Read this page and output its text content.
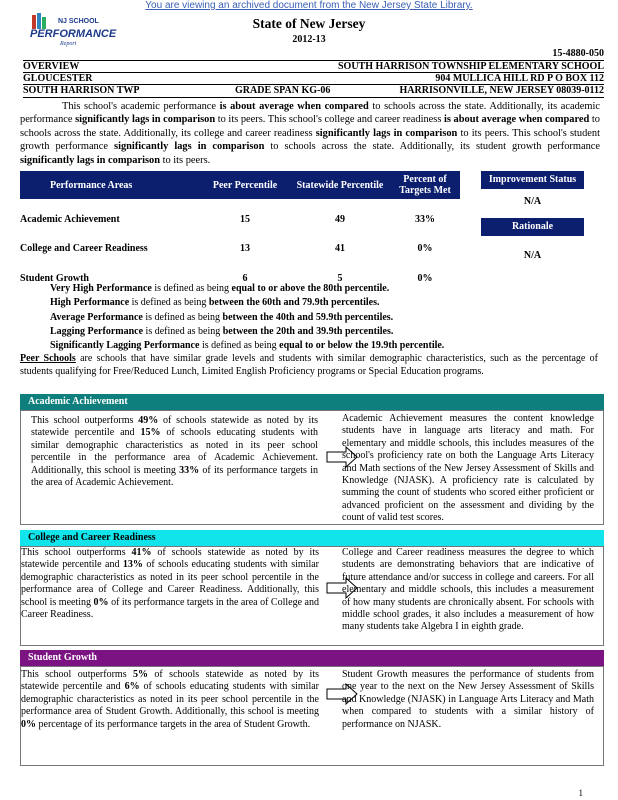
You are viewing an archived document from the New Jersey State Library.
NJ SCHOOL
PERFORMANCE
Report
State of New Jersey
2012-13
15-4880-050
OVERVIEW	SOUTH HARRISON TOWNSHIP ELEMENTARY SCHOOL
GLOUCESTER	904 MULLICA HILL RD P O BOX 112
SOUTH HARRISON TWP	GRADE SPAN KG-06	HARRISONVILLE, NEW JERSEY 08039-0112
This school's academic performance is about average when compared to schools across the state. Additionally, its academic performance significantly lags in comparison to its peers. This school's college and career readiness is about average when compared to schools across the state. Additionally, its college and career readiness significantly lags in comparison to its peers. This school's student growth performance significantly lags in comparison to schools across the state. Additionally, its student growth performance significantly lags in comparison to its peers.
Performance Areas	Peer Percentile	Statewide Percentile	Percent of Targets Met
Academic Achievement	15	49	33%
College and Career Readiness	13	41	0%
Student Growth	6	5	0%
Improvement Status
N/A
Rationale
N/A
Very High Performance is defined as being equal to or above the 80th percentile.
High Performance is defined as being between the 60th and 79.9th percentiles.
Average Performance is defined as being between the 40th and 59.9th percentiles.
Lagging Performance is defined as being between the 20th and 39.9th percentiles.
Significantly Lagging Performance is defined as being equal to or below the 19.9th percentile.
Peer Schools are schools that have similar grade levels and students with similar demographic characteristics, such as the percentage of students qualifying for Free/Reduced Lunch, Limited English Proficiency programs or Special Education programs.
Academic Achievement
This school outperforms 49% of schools statewide as noted by its statewide percentile and 15% of schools educating students with similar demographic characteristics as noted in its peer school percentile in the performance area of Academic Achievement. Additionally, this school is meeting 33% of its performance targets in the area of Academic Achievement.
Academic Achievement measures the content knowledge students have in language arts literacy and math. For elementary and middle schools, this includes measures of the school's proficiency rate on both the Language Arts Literacy and Math sections of the New Jersey Assessment of Skills and Knowledge (NJASK). A proficiency rate is calculated by summing the count of students who scored either proficient or advanced proficient on the assessment and dividing by the count of valid test scores.
College and Career Readiness
This school outperforms 41% of schools statewide as noted by its statewide percentile and 13% of schools educating students with similar demographic characteristics as noted in its peer school percentile in the performance area of College and Career Readiness. Additionally, this school is meeting 0% of its performance targets in the area of College and Career Readiness.
College and Career readiness measures the degree to which students are demonstrating behaviors that are indicative of future attendance and/or success in college and careers. For all elementary and middle schools, this includes a measurement of how many students are chronically absent. For schools with middle school grades, it also includes a measurement of how many students take Algebra I in eighth grade.
Student Growth
This school outperforms 5% of schools statewide as noted by its statewide percentile and 6% of schools educating students with similar demographic characteristics as noted in its peer school percentile in the performance area of Student Growth. Additionally, this school is meeting 0% percentage of its performance targets in the area of Student Growth.
Student Growth measures the performance of students from one year to the next on the New Jersey Assessment of Skills and Knowledge (NJASK) in Language Arts Literacy and Math when compared to students with a similar history of performance on NJASK.
1
